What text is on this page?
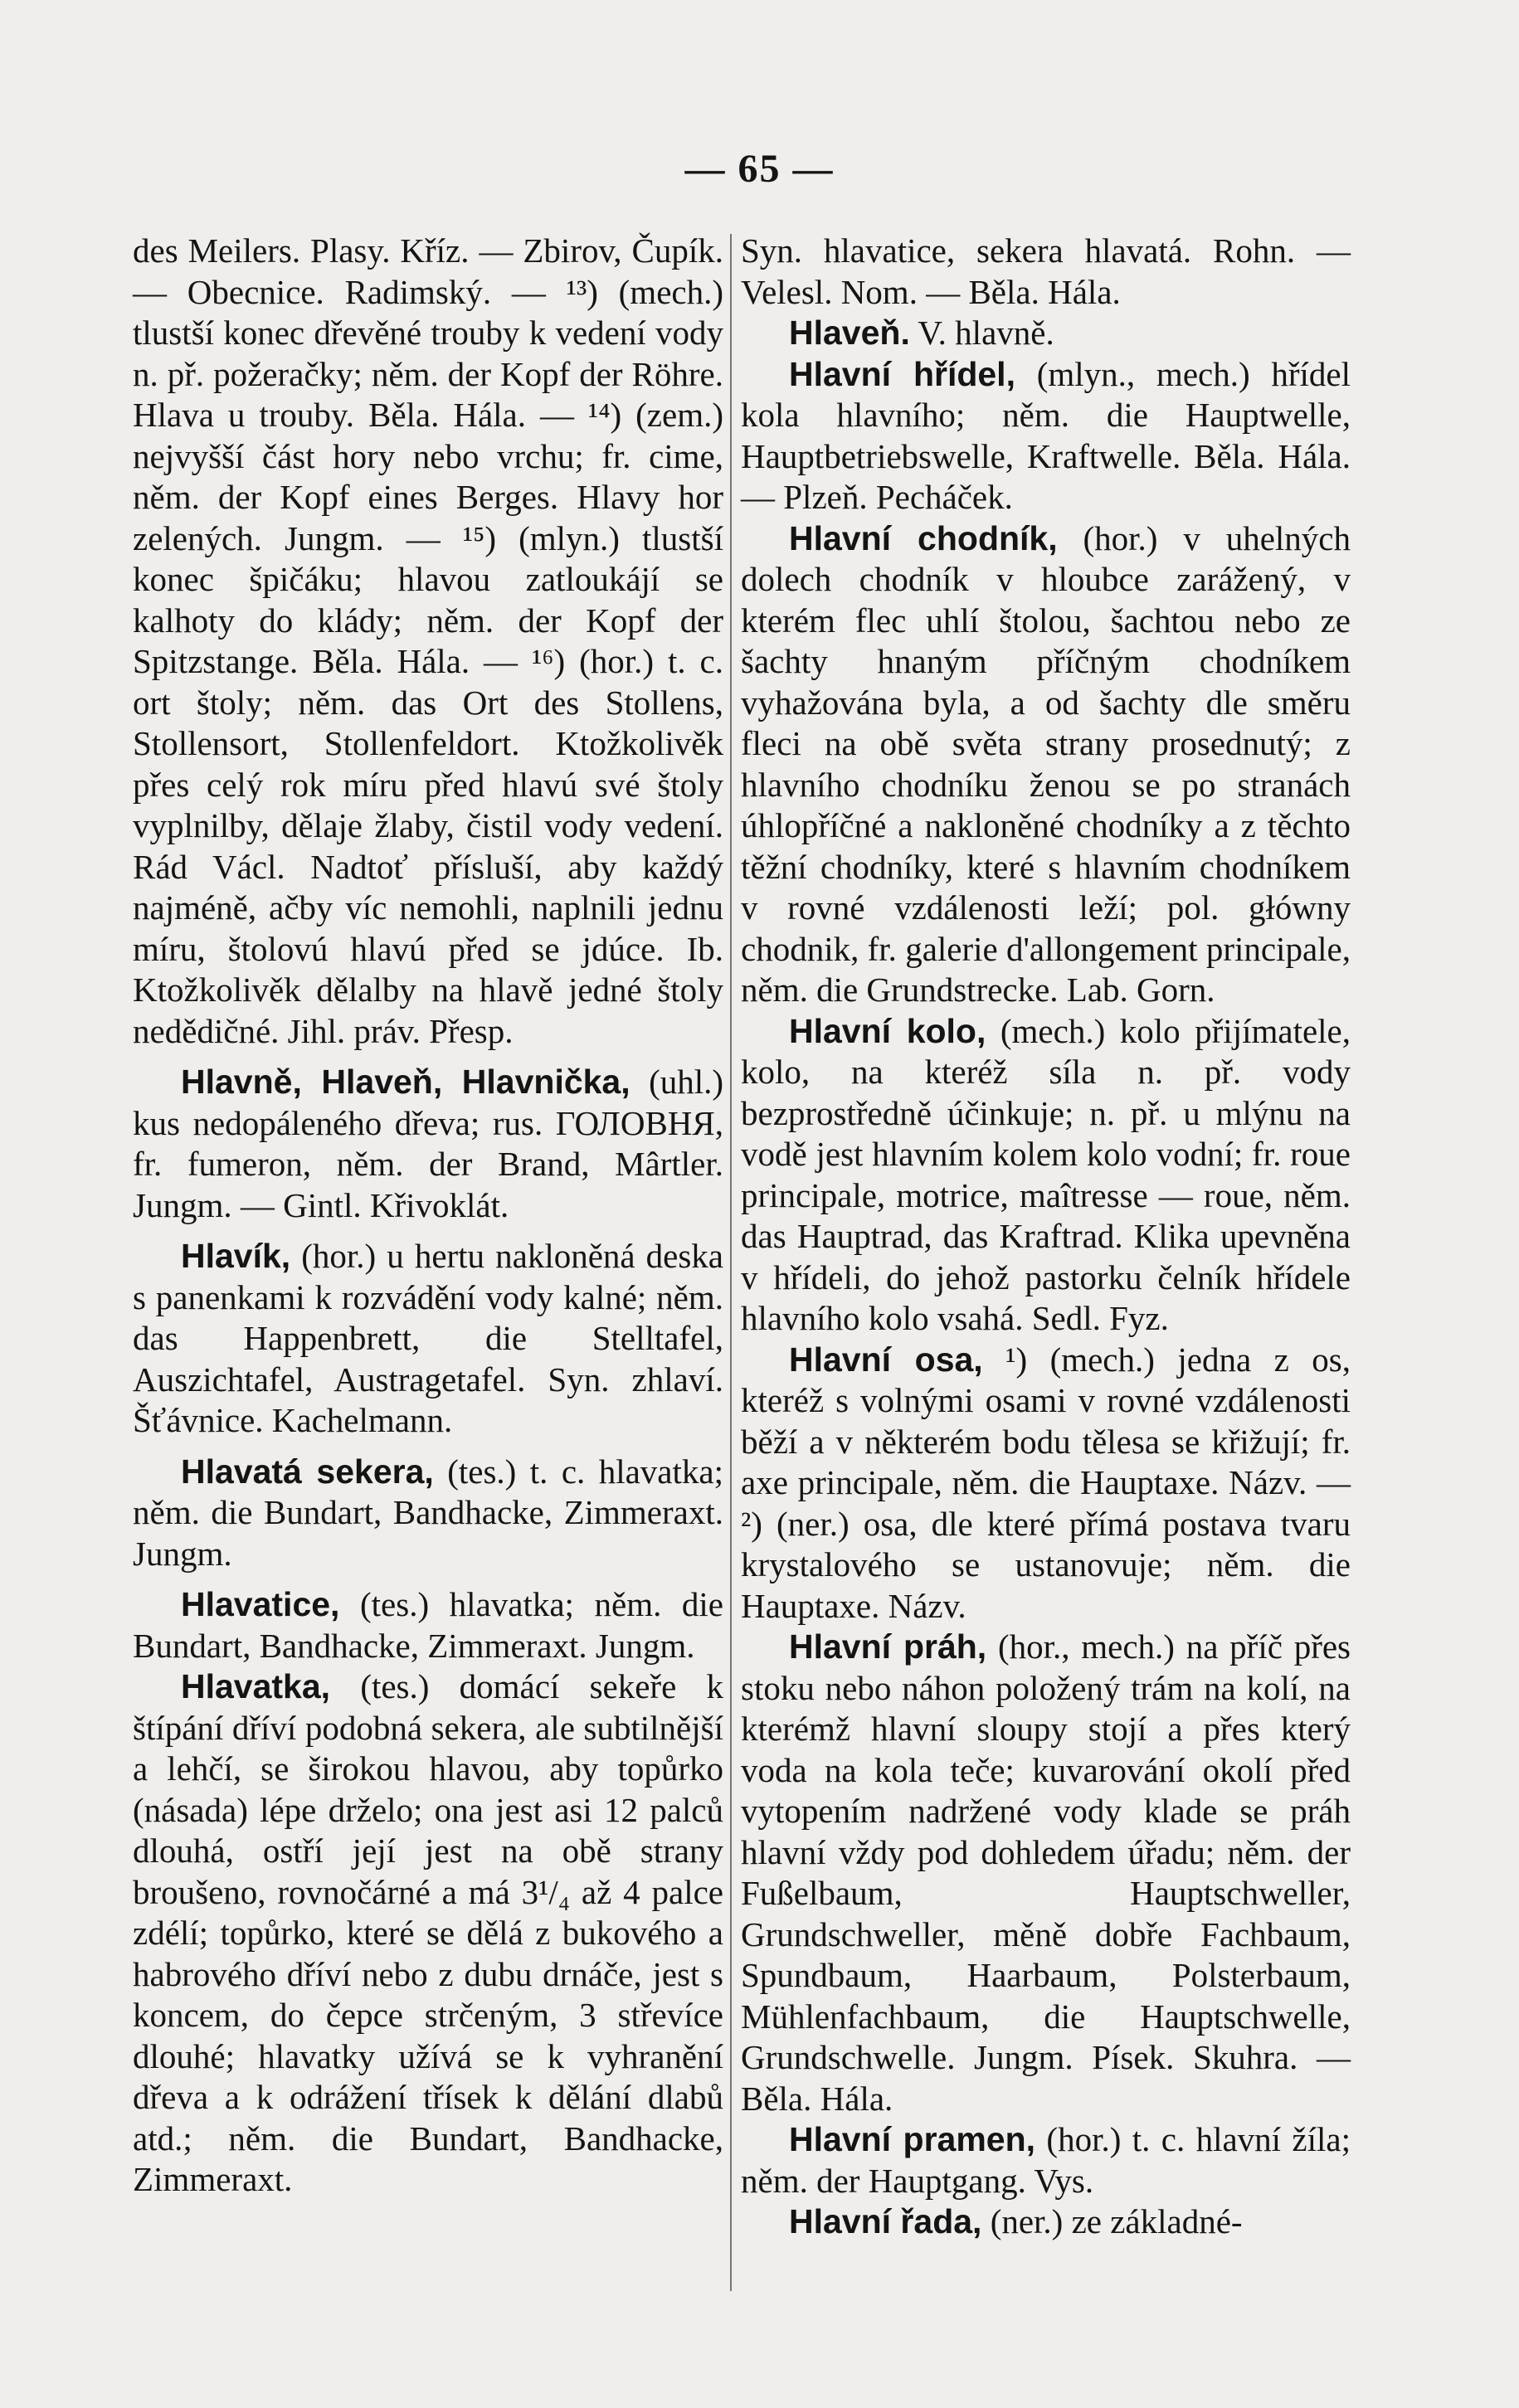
— 65 —

des Meilers. Plasy. Kříz. — Zbirov, Čupík. — Obecnice. Radimský. — ¹³) (mech.) tlustší konec dřevěné trouby k vedení vody n. př. požeračky; něm. der Kopf der Röhre. Hlava u trouby. Běla. Hála. — ¹⁴) (zem.) nejvyšší část hory nebo vrchu; fr. cime, něm. der Kopf eines Berges. Hlavy hor zelených. Jungm. — ¹⁵) (mlyn.) tlustší konec špičáku; hlavou zatloukájí se kalhoty do klády; něm. der Kopf der Spitzstange. Běla. Hála. — ¹⁶) (hor.) t. c. ort štoly; něm. das Ort des Stollens, Stollensort, Stollenfeldort. Ktožkolivěk přes celý rok míru před hlavú své štoly vyplnilby, dělaje žlaby, čistil vody vedení. Rád Václ. Nadtoť přísluší, aby každý najméně, ačby víc nemohli, naplnili jednu míru, štolovú hlavú před se jdúce. Ib. Ktožkolivěk dělalby na hlavě jedné štoly nedědičné. Jihl. práv. Přesp.

Hlavně, Hlaveň, Hlavnička, (uhl.) kus nedopáleného dřeva; rus. ГОЛОВНЯ, fr. fumeron, něm. der Brand, Mârtler. Jungm. — Gintl. Křivoklát.

Hlavík, (hor.) u hertu nakloněná deska s panenkami k rozvádění vody kalné; něm. das Happenbrett, die Stelltafel, Auszichtafel, Austragetafel. Syn. zhlaví. Šťávnice. Kachelmann.

Hlavatá sekera, (tes.) t. c. hlavatka; něm. die Bundart, Bandhacke, Zimmeraxt. Jungm.

Hlavatice, (tes.) hlavatka; něm. die Bundart, Bandhacke, Zimmeraxt. Jungm.

Hlavatka, (tes.) domácí sekeře k štípání dříví podobná sekera, ale subtilnější a lehčí, se širokou hlavou, aby topůrko (násada) lépe drželo; ona jest asi 12 palců dlouhá, ostří její jest na obě strany broušeno, rovnočárné a má 3¹/₄ až 4 palce zdélí; topůrko, které se dělá z bukového a habrového dříví nebo z dubu drnáče, jest s koncem, do čepce strčeným, 3 střevíce dlouhé; hlavatky užívá se k vyhranění dřeva a k odrážení třísek k dělání dlabů atd.; něm. die Bundart, Bandhacke, Zimmeraxt.

Syn. hlavatice, sekera hlavatá. Rohn. — Velesl. Nom. — Běla. Hála.

Hlaveň. V. hlavně.

Hlavní hřídel, (mlyn., mech.) hřídel kola hlavního; něm. die Hauptwelle, Hauptbetriebswelle, Kraftwelle. Běla. Hála. — Plzeň. Pecháček.

Hlavní chodník, (hor.) v uhelných dolech chodník v hloubce zarážený, v kterém flec uhlí štolou, šachtou nebo ze šachty hnaným příčným chodníkem vyhažována byla, a od šachty dle směru fleci na obě světa strany prosednutý; z hlavního chodníku ženou se po stranách úhlopříčné a nakloněné chodníky a z těchto těžní chodníky, které s hlavním chodníkem v rovné vzdálenosti leží; pol. główny chodnik, fr. galerie d'allongement principale, něm. die Grundstrecke. Lab. Gorn.

Hlavní kolo, (mech.) kolo přijímatele, kolo, na kteréž síla n. př. vody bezprostředně účinkuje; n. př. u mlýnu na vodě jest hlavním kolem kolo vodní; fr. roue principale, motrice, maîtresse — roue, něm. das Hauptrad, das Kraftrad. Klika upevněna v hřídeli, do jehož pastorku čelník hřídele hlavního kolo vsahá. Sedl. Fyz.

Hlavní osa, ¹) (mech.) jedna z os, kteréž s volnými osami v rovné vzdálenosti běží a v některém bodu tělesa se křižují; fr. axe principale, něm. die Hauptaxe. Názv. — ²) (ner.) osa, dle které přímá postava tvaru krystalového se ustanovuje; něm. die Hauptaxe. Názv.

Hlavní práh, (hor., mech.) na příč přes stoku nebo náhon položený trám na kolí, na kterémž hlavní sloupy stojí a přes který voda na kola teče; kuvarování okolí před vytopením nadržené vody klade se práh hlavní vždy pod dohledem úřadu; něm. der Fußelbaum, Hauptschweller, Grundschweller, měně dobře Fachbaum, Spundbaum, Haarbaum, Polsterbaum, Mühlenfachbaum, die Hauptschwelle, Grundschwelle. Jungm. Písek. Skuhra. — Běla. Hála.

Hlavní pramen, (hor.) t. c. hlavní žíla; něm. der Hauptgang. Vys.

Hlavní řada, (ner.) ze základné-
